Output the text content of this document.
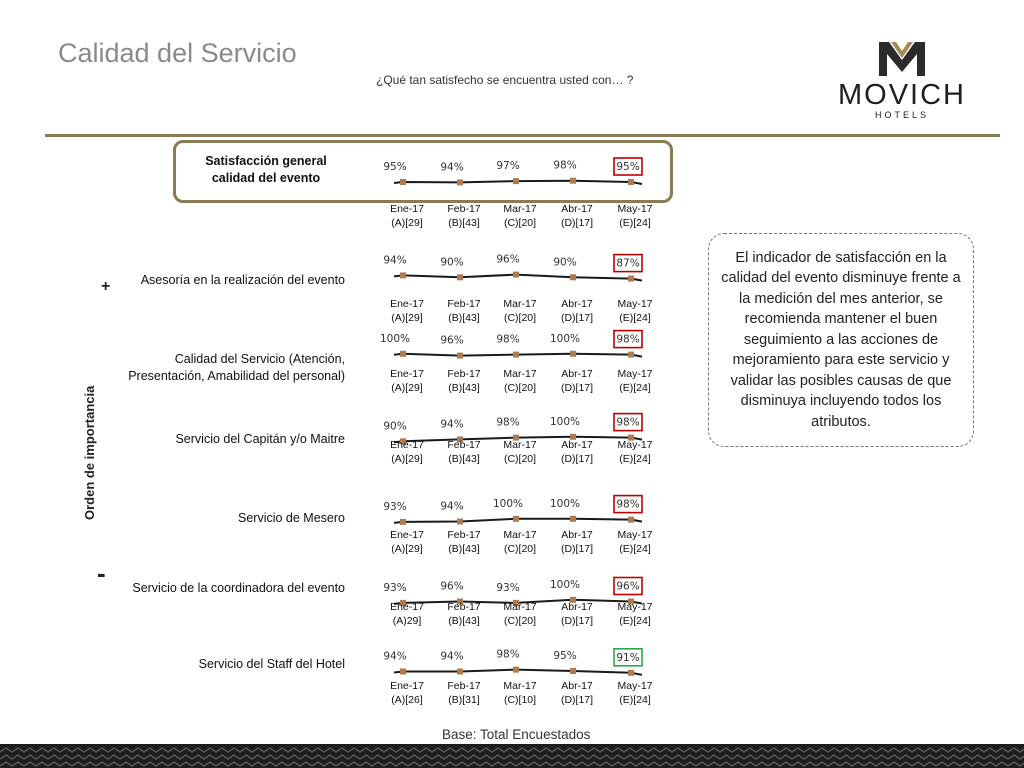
Calidad del Servicio
¿Qué tan satisfecho se encuentra usted con… ?	MOVICH
HOTELS
Orden de importancia
+
-
Satisfacción general
calidad del evento
Asesoría en la realización del evento
Calidad del Servicio (Atención,
Presentación, Amabilidad del personal)
Servicio del Capitán y/o Maitre
Servicio de Mesero
Servicio de la coordinadora del evento
Servicio del Staff del Hotel
95%	94%	97%	98%	95%
Ene-17
(A)[29]
Feb-17
(B)[43]
Mar-17
(C)[20]
Abr-17
(D)[17]
May-17
(E)[24]
94%	90%	96%	90%	87%
Ene-17
(A)[29]
Feb-17
(B)[43]
Mar-17
(C)[20]
Abr-17
(D)[17]
May-17
(E)[24]
100%	96%	98%	100%	98%
Ene-17
(A)[29]
Feb-17
(B)[43]
Mar-17
(C)[20]
Abr-17
(D)[17]
May-17
(E)[24]
90%	94%	98%	100%	98%
Ene-17
(A)[29]
Feb-17
(B)[43]
Mar-17
(C)[20]
Abr-17
(D)[17]
May-17
(E)[24]
93%	94%	100%	100%	98%
Ene-17
(A)[29]
Feb-17
(B)[43]
Mar-17
(C)[20]
Abr-17
(D)[17]
May-17
(E)[24]
93%	96%	93%	100%	96%
Ene-17
(A)29]
Feb-17
(B)[43]
Mar-17
(C)[20]
Abr-17
(D)[17]
May-17
(E)[24]
94%	94%	98%	95%	91%
Ene-17
(A)[26]
Feb-17
(B)[31]
Mar-17
(C)[10]
Abr-17
(D)[17]
May-17
(E)[24]
El indicador de satisfacción en la calidad del evento disminuye frente a la medición del mes anterior, se recomienda mantener el buen seguimiento a las acciones de mejoramiento para este servicio y validar las posibles causas de que disminuya incluyendo todos los atributos.
Base: Total Encuestados
